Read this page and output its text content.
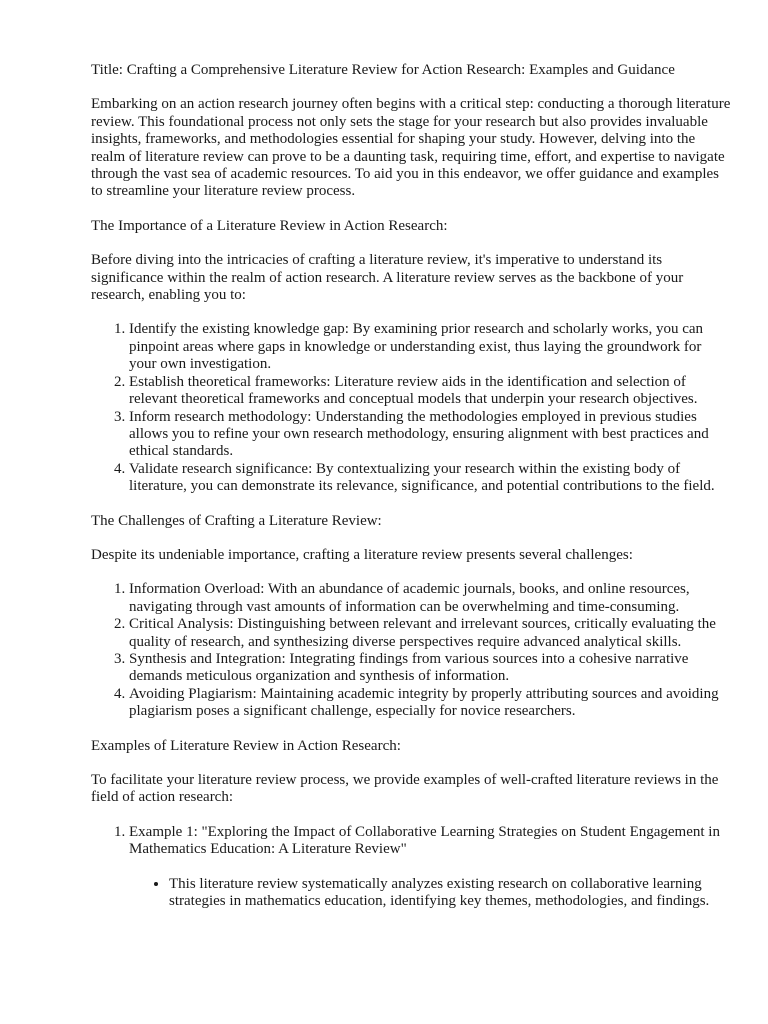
Title: Crafting a Comprehensive Literature Review for Action Research: Examples and Guidance

Embarking on an action research journey often begins with a critical step: conducting a thorough literature review. This foundational process not only sets the stage for your research but also provides invaluable insights, frameworks, and methodologies essential for shaping your study. However, delving into the realm of literature review can prove to be a daunting task, requiring time, effort, and expertise to navigate through the vast sea of academic resources. To aid you in this endeavor, we offer guidance and examples to streamline your literature review process.

The Importance of a Literature Review in Action Research:

Before diving into the intricacies of crafting a literature review, it's imperative to understand its significance within the realm of action research. A literature review serves as the backbone of your research, enabling you to:

1. Identify the existing knowledge gap: By examining prior research and scholarly works, you can pinpoint areas where gaps in knowledge or understanding exist, thus laying the groundwork for your own investigation.
2. Establish theoretical frameworks: Literature review aids in the identification and selection of relevant theoretical frameworks and conceptual models that underpin your research objectives.
3. Inform research methodology: Understanding the methodologies employed in previous studies allows you to refine your own research methodology, ensuring alignment with best practices and ethical standards.
4. Validate research significance: By contextualizing your research within the existing body of literature, you can demonstrate its relevance, significance, and potential contributions to the field.

The Challenges of Crafting a Literature Review:

Despite its undeniable importance, crafting a literature review presents several challenges:

1. Information Overload: With an abundance of academic journals, books, and online resources, navigating through vast amounts of information can be overwhelming and time-consuming.
2. Critical Analysis: Distinguishing between relevant and irrelevant sources, critically evaluating the quality of research, and synthesizing diverse perspectives require advanced analytical skills.
3. Synthesis and Integration: Integrating findings from various sources into a cohesive narrative demands meticulous organization and synthesis of information.
4. Avoiding Plagiarism: Maintaining academic integrity by properly attributing sources and avoiding plagiarism poses a significant challenge, especially for novice researchers.

Examples of Literature Review in Action Research:

To facilitate your literature review process, we provide examples of well-crafted literature reviews in the field of action research:

1. Example 1: "Exploring the Impact of Collaborative Learning Strategies on Student Engagement in Mathematics Education: A Literature Review"
• This literature review systematically analyzes existing research on collaborative learning strategies in mathematics education, identifying key themes, methodologies, and findings.
